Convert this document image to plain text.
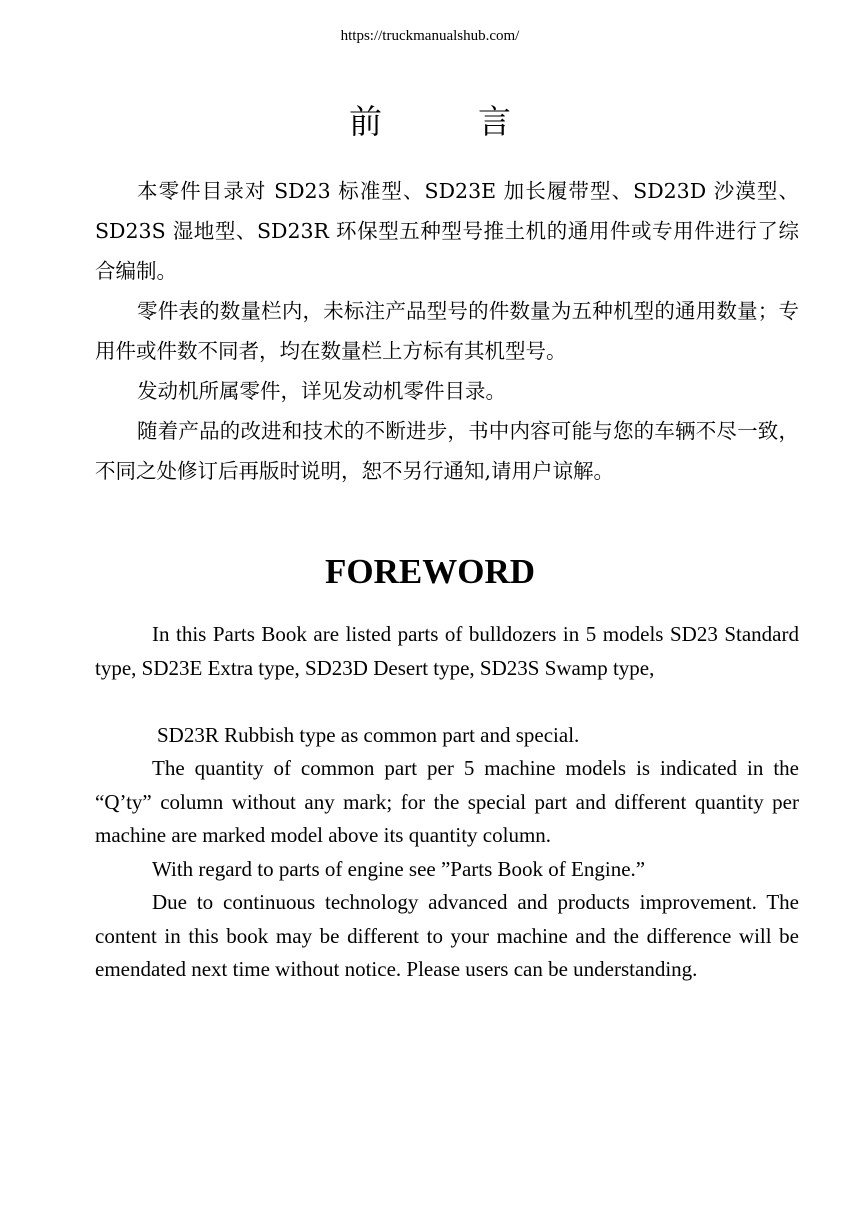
https://truckmanualshub.com/
前	言

本零件目录对 SD23 标准型、SD23E 加长履带型、SD23D 沙漠型、SD23S 湿地型、SD23R 环保型五种型号推土机的通用件或专用件进行了综合编制。

零件表的数量栏内，未标注产品型号的件数量为五种机型的通用数量；专用件或件数不同者，均在数量栏上方标有其机型号。

发动机所属零件，详见发动机零件目录。

随着产品的改进和技术的不断进步，书中内容可能与您的车辆不尽一致， 不同之处修订后再版时说明，恕不另行通知,请用户谅解。

FOREWORD

In this Parts Book are listed parts of bulldozers in 5 models SD23 Standard type, SD23E Extra type, SD23D Desert type, SD23S Swamp type,

SD23R Rubbish type as common part and special.

The quantity of common part per 5 machine models is indicated in the “Q’ty” column without any mark; for the special part and different quantity per machine are marked model above its quantity column.

With regard to parts of engine see ”Parts Book of Engine.”

Due to continuous technology advanced and products improvement. The content in this book may be different to your machine and the difference will be emendated next time without notice. Please users can be understanding.
